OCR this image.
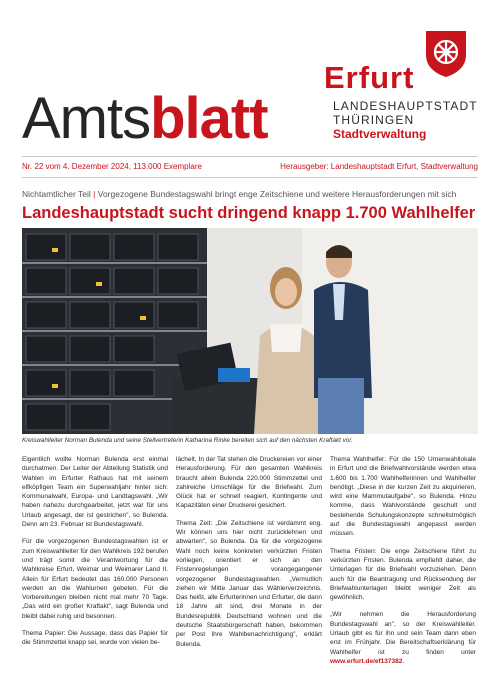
Erfurt
LANDESHAUPTSTADT
THÜRINGEN
Stadtverwaltung
Amtsblatt
Nr. 22 vom 4. Dezember 2024, 113.000 Exemplare	Herausgeber: Landeshauptstadt Erfurt, Stadtverwaltung
Nichtamtlicher Teil | Vorgezogene Bundestagswahl bringt enge Zeitschiene und weitere Herausforderungen mit sich
Landeshauptstadt sucht dringend knapp 1.700 Wahlhelfer
Kreiswahlleiter Norman Bulenda und seine Stellvertreterin Katharina Rinke bereiten sich auf den nächsten Kraftakt vor.

Eigentlich wollte Norman Bulenda erst einmal durchatmen. Der Leiter der Abteilung Statistik und Wahlen im Erfurter Rathaus hat mit seinem elfköpfigen Team ein Superwahljahr hinter sich: Kommunalwahl, Europa- und Landtagswahl. „Wir haben nahezu durchgearbeitet, jetzt war für uns Urlaub angesagt, der ist gestrichen", so Bulenda. Denn am 23. Februar ist Bundestagswahl.

Für die vorgezogenen Bundestagswahlen ist er zum Kreiswahlleiter für den Wahlkreis 192 berufen und trägt somit die Verantwortung für die Wahlkreise Erfurt, Weimar und Weimarer Land II. Allein für Erfurt bedeutet das 160.000 Personen werden an die Wahlurnen gebeten. Für die Vorbereitungen bleiben nicht mal mehr 70 Tage. „Das wird ein großer Kraftakt", sagt Bulenda und bleibt dabei ruhig und besonnen.

Thema Papier: Die Aussage, dass das Papier für die Stimmzettel knapp sei, wurde von vielen be-

lächelt. In der Tat stehen die Druckereien vor einer Herausforderung. Für den gesamten Wahlkreis braucht allein Bulenda 220.000 Stimmzettel und zahlreiche Umschläge für die Briefwahl. Zum Glück hat er schnell reagiert, Kontingente und Kapazitäten einer Druckerei gesichert.

Thema Zeit: „Die Zeitschiene ist verdammt eng. Wir können uns hier nicht zurücklehnen und abwarten", so Bulenda. Da für die vorgezogene Wahl noch keine konkreten verkürzten Fristen vorliegen, orientiert er sich an den Fristenregelungen vorangegangener vorgezogener Bundestagswahlen. „Vermutlich ziehen wir Mitte Januar das Wählerverzeichnis. Das heißt, alle Erfurterinnen und Erfurter, die dann 18 Jahre alt sind, drei Monate in der Bundesrepublik Deutschland wohnen und die deutsche Staatsbürgerschaft haben, bekommen per Post ihre Wahlbenachrichtigung", erklärt Bulenda.

Thema Wahlhelfer: Für die 150 Urnenwahllokale in Erfurt und die Briefwahlvorstände werden etwa 1.600 bis 1.700 Wahlhelferinnen und Wahlhelfer benötigt. „Diese in der kurzen Zeit zu akquirieren, wird eine Mammutaufgabe", so Bulenda. Hinzu komme, dass Wahlvorstände geschult und bestehende Schulungskonzepte schnellstmöglich auf die Bundestagswahl angepasst werden müssen.

Thema Fristen: Die enge Zeitschiene führt zu verkürzten Fristen. Bulenda empfiehlt daher, die Unterlagen für die Briefwahl vorzuziehen. Denn auch für die Beantragung und Rücksendung der Briefwahlunterlagen bleibt weniger Zeit als gewöhnlich.

„Wir nehmen die Herausforderung Bundestagswahl an", so der Kreiswahlleiter. Urlaub gibt es für ihn und sein Team dann eben erst im Frühjahr. Die Bereitschaftserklärung für Wahlhelfer ist zu finden unter www.erfurt.de/ef137382.
